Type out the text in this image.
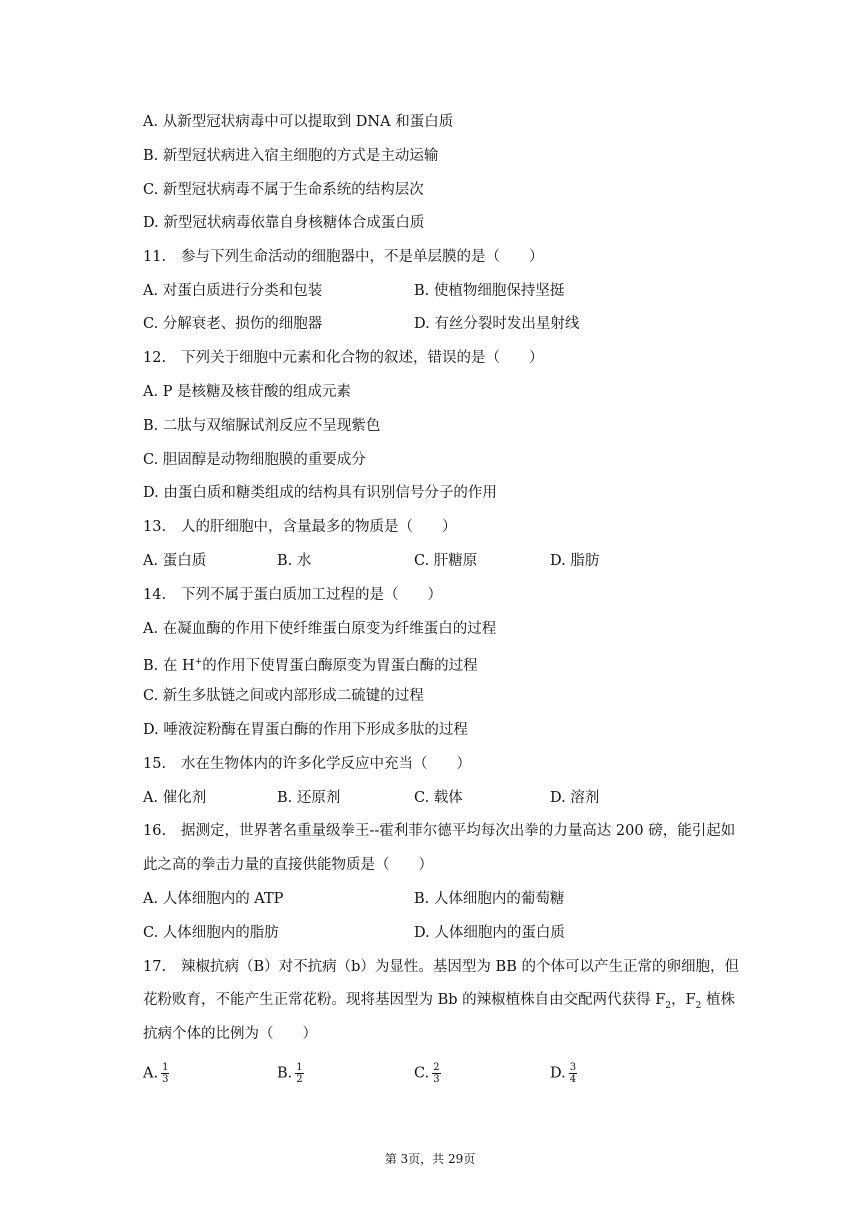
A. 从新型冠状病毒中可以提取到 DNA 和蛋白质
B. 新型冠状病进入宿主细胞的方式是主动运输
C. 新型冠状病毒不属于生命系统的结构层次
D. 新型冠状病毒依靠自身核糖体合成蛋白质
11. 参与下列生命活动的细胞器中，不是单层膜的是（　　）
A. 对蛋白质进行分类和包装	B. 使植物细胞保持坚挺
C. 分解衰老、损伤的细胞器	D. 有丝分裂时发出星射线
12. 下列关于细胞中元素和化合物的叙述，错误的是（　　）
A. P 是核糖及核苷酸的组成元素
B. 二肽与双缩脲试剂反应不呈现紫色
C. 胆固醇是动物细胞膜的重要成分
D. 由蛋白质和糖类组成的结构具有识别信号分子的作用
13. 人的肝细胞中，含量最多的物质是（　　）
A. 蛋白质	B. 水	C. 肝糖原	D. 脂肪
14. 下列不属于蛋白质加工过程的是（　　）
A. 在凝血酶的作用下使纤维蛋白原变为纤维蛋白的过程
B. 在 H+的作用下使胃蛋白酶原变为胃蛋白酶的过程
C. 新生多肽链之间或内部形成二硫键的过程
D. 唾液淀粉酶在胃蛋白酶的作用下形成多肽的过程
15. 水在生物体内的许多化学反应中充当（　　）
A. 催化剂	B. 还原剂	C. 载体	D. 溶剂
16. 据测定，世界著名重量级拳王--霍利菲尔德平均每次出拳的力量高达 200 磅，能引起如
此之高的拳击力量的直接供能物质是（　　）
A. 人体细胞内的 ATP	B. 人体细胞内的葡萄糖
C. 人体细胞内的脂肪	D. 人体细胞内的蛋白质
17. 辣椒抗病（B）对不抗病（b）为显性。基因型为 BB 的个体可以产生正常的卵细胞，但
花粉败育，不能产生正常花粉。现将基因型为 Bb 的辣椒植株自由交配两代获得 $F_2$，$F_2$ 植株
抗病个体的比例为（　　）
A. $\frac{1}{3}$	B. $\frac{1}{2}$	C. $\frac{2}{3}$	D. $\frac{3}{4}$
第 3页，共 29页
